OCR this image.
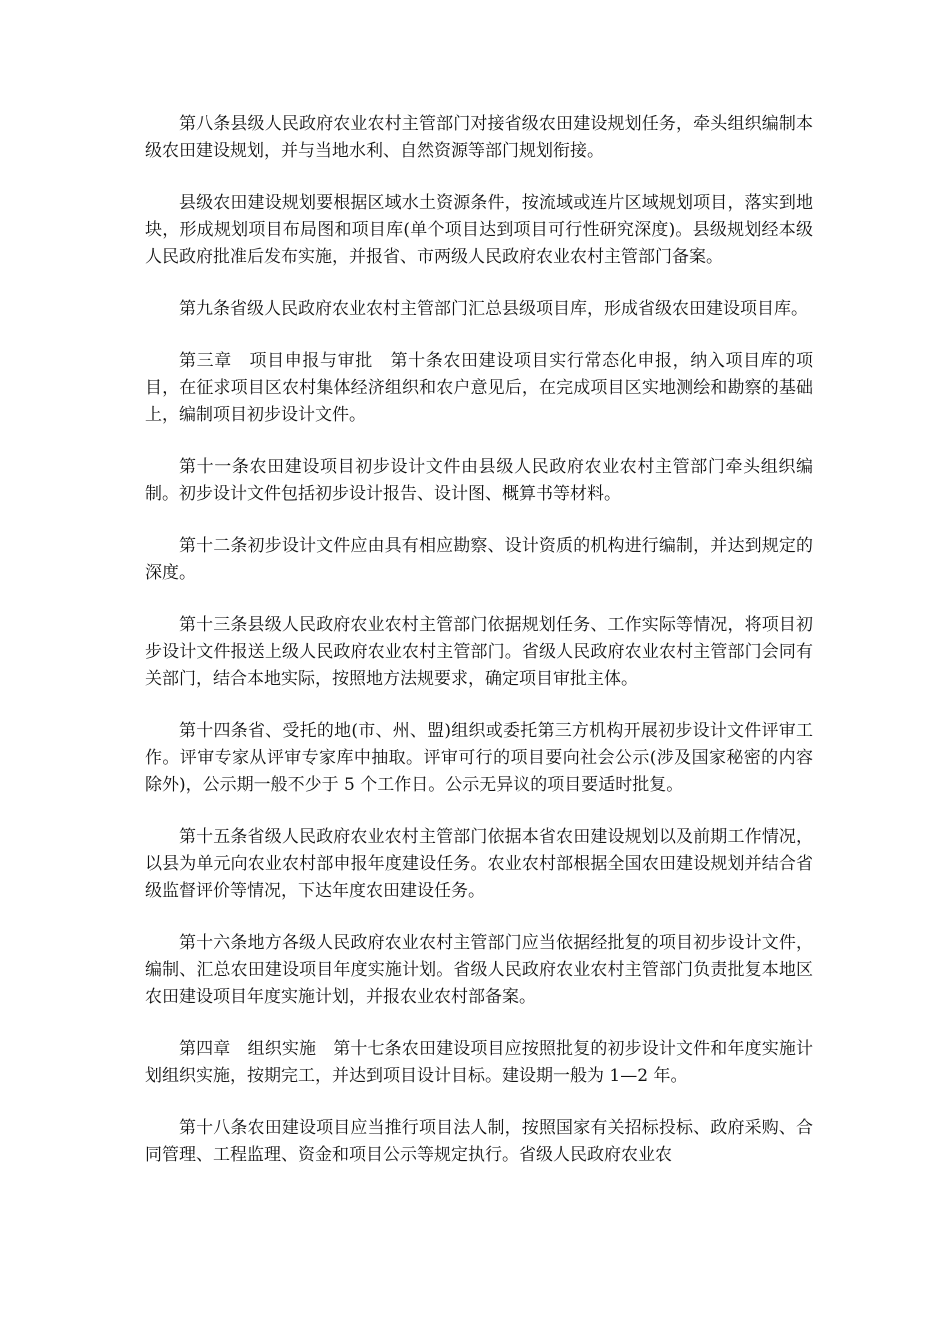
第八条县级人民政府农业农村主管部门对接省级农田建设规划任务，牵头组织编制本级农田建设规划，并与当地水利、自然资源等部门规划衔接。

县级农田建设规划要根据区域水土资源条件，按流域或连片区域规划项目，落实到地块，形成规划项目布局图和项目库(单个项目达到项目可行性研究深度)。县级规划经本级人民政府批准后发布实施，并报省、市两级人民政府农业农村主管部门备案。

第九条省级人民政府农业农村主管部门汇总县级项目库，形成省级农田建设项目库。

第三章　项目申报与审批　第十条农田建设项目实行常态化申报，纳入项目库的项目，在征求项目区农村集体经济组织和农户意见后，在完成项目区实地测绘和勘察的基础上，编制项目初步设计文件。

第十一条农田建设项目初步设计文件由县级人民政府农业农村主管部门牵头组织编制。初步设计文件包括初步设计报告、设计图、概算书等材料。

第十二条初步设计文件应由具有相应勘察、设计资质的机构进行编制，并达到规定的深度。

第十三条县级人民政府农业农村主管部门依据规划任务、工作实际等情况，将项目初步设计文件报送上级人民政府农业农村主管部门。省级人民政府农业农村主管部门会同有关部门，结合本地实际，按照地方法规要求，确定项目审批主体。

第十四条省、受托的地(市、州、盟)组织或委托第三方机构开展初步设计文件评审工作。评审专家从评审专家库中抽取。评审可行的项目要向社会公示(涉及国家秘密的内容除外)，公示期一般不少于 5 个工作日。公示无异议的项目要适时批复。

第十五条省级人民政府农业农村主管部门依据本省农田建设规划以及前期工作情况，以县为单元向农业农村部申报年度建设任务。农业农村部根据全国农田建设规划并结合省级监督评价等情况，下达年度农田建设任务。

第十六条地方各级人民政府农业农村主管部门应当依据经批复的项目初步设计文件，编制、汇总农田建设项目年度实施计划。省级人民政府农业农村主管部门负责批复本地区农田建设项目年度实施计划，并报农业农村部备案。

第四章　组织实施　第十七条农田建设项目应按照批复的初步设计文件和年度实施计划组织实施，按期完工，并达到项目设计目标。建设期一般为 1—2 年。

第十八条农田建设项目应当推行项目法人制，按照国家有关招标投标、政府采购、合同管理、工程监理、资金和项目公示等规定执行。省级人民政府农业农
